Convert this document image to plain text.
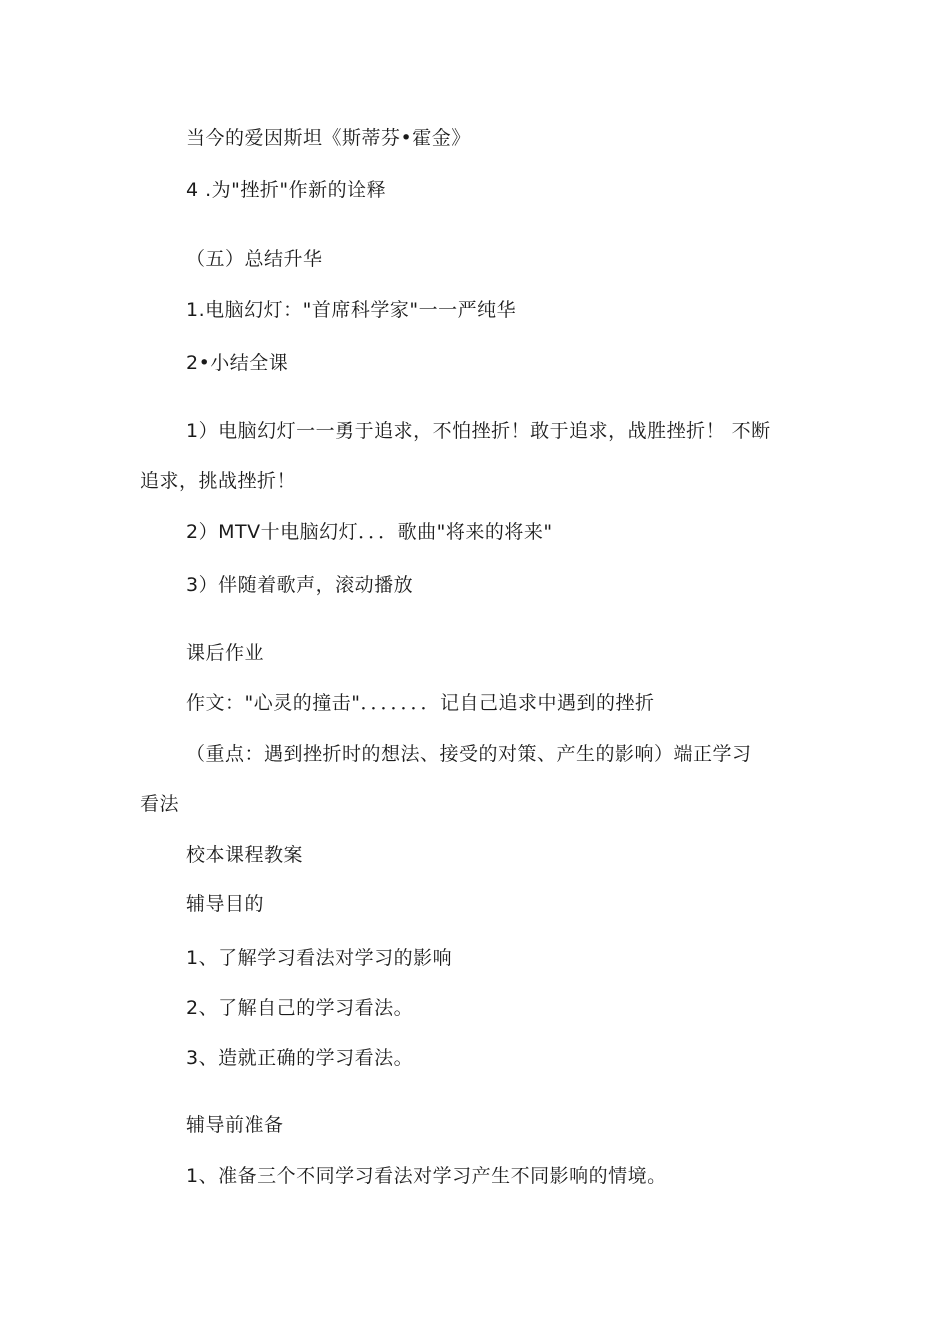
当今的爱因斯坦《斯蒂芬•霍金》
4 .为"挫折"作新的诠释
（五）总结升华
1.电脑幻灯："首席科学家"一一严纯华
2•小结全课
1）电脑幻灯一一勇于追求，不怕挫折！敢于追求，战胜挫折！ 不断
追求，挑战挫折！
2）MTV十电脑幻灯．．．歌曲"将来的将来"
3）伴随着歌声，滚动播放
课后作业
作文："心灵的撞击"．．．．．．．记自己追求中遇到的挫折
（重点：遇到挫折时的想法、接受的对策、产生的影响）端正学习
看法
校本课程教案
辅导目的
1、了解学习看法对学习的影响
2、了解自己的学习看法。
3、造就正确的学习看法。
辅导前准备
1、准备三个不同学习看法对学习产生不同影响的情境。
